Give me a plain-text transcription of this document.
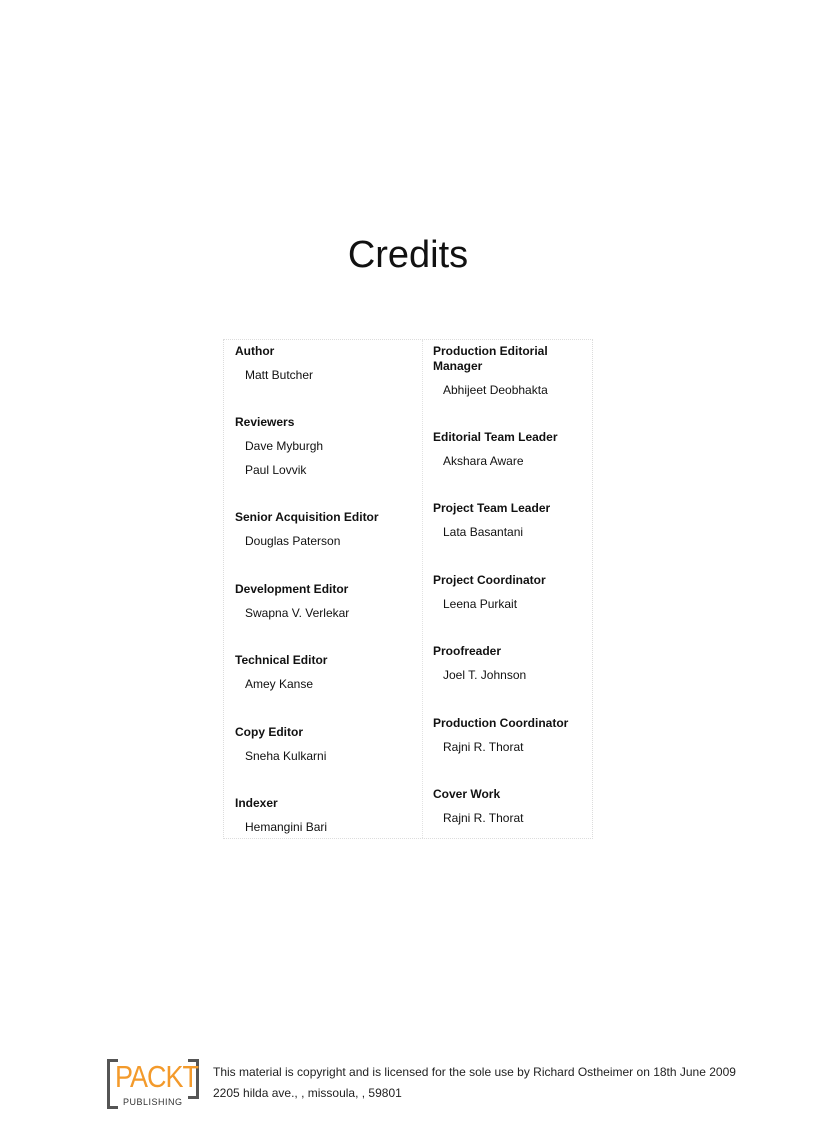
Credits
Author
Matt Butcher
Reviewers
Dave Myburgh
Paul Lovvik
Senior Acquisition Editor
Douglas Paterson
Development Editor
Swapna V. Verlekar
Technical Editor
Amey Kanse
Copy Editor
Sneha Kulkarni
Indexer
Hemangini Bari
Production Editorial Manager
Abhijeet Deobhakta
Editorial Team Leader
Akshara Aware
Project Team Leader
Lata Basantani
Project Coordinator
Leena Purkait
Proofreader
Joel T. Johnson
Production Coordinator
Rajni R. Thorat
Cover Work
Rajni R. Thorat
PACKT
PUBLISHING
This material is copyright and is licensed for the sole use by Richard Ostheimer on 18th June 2009
2205 hilda ave., , missoula, , 59801
